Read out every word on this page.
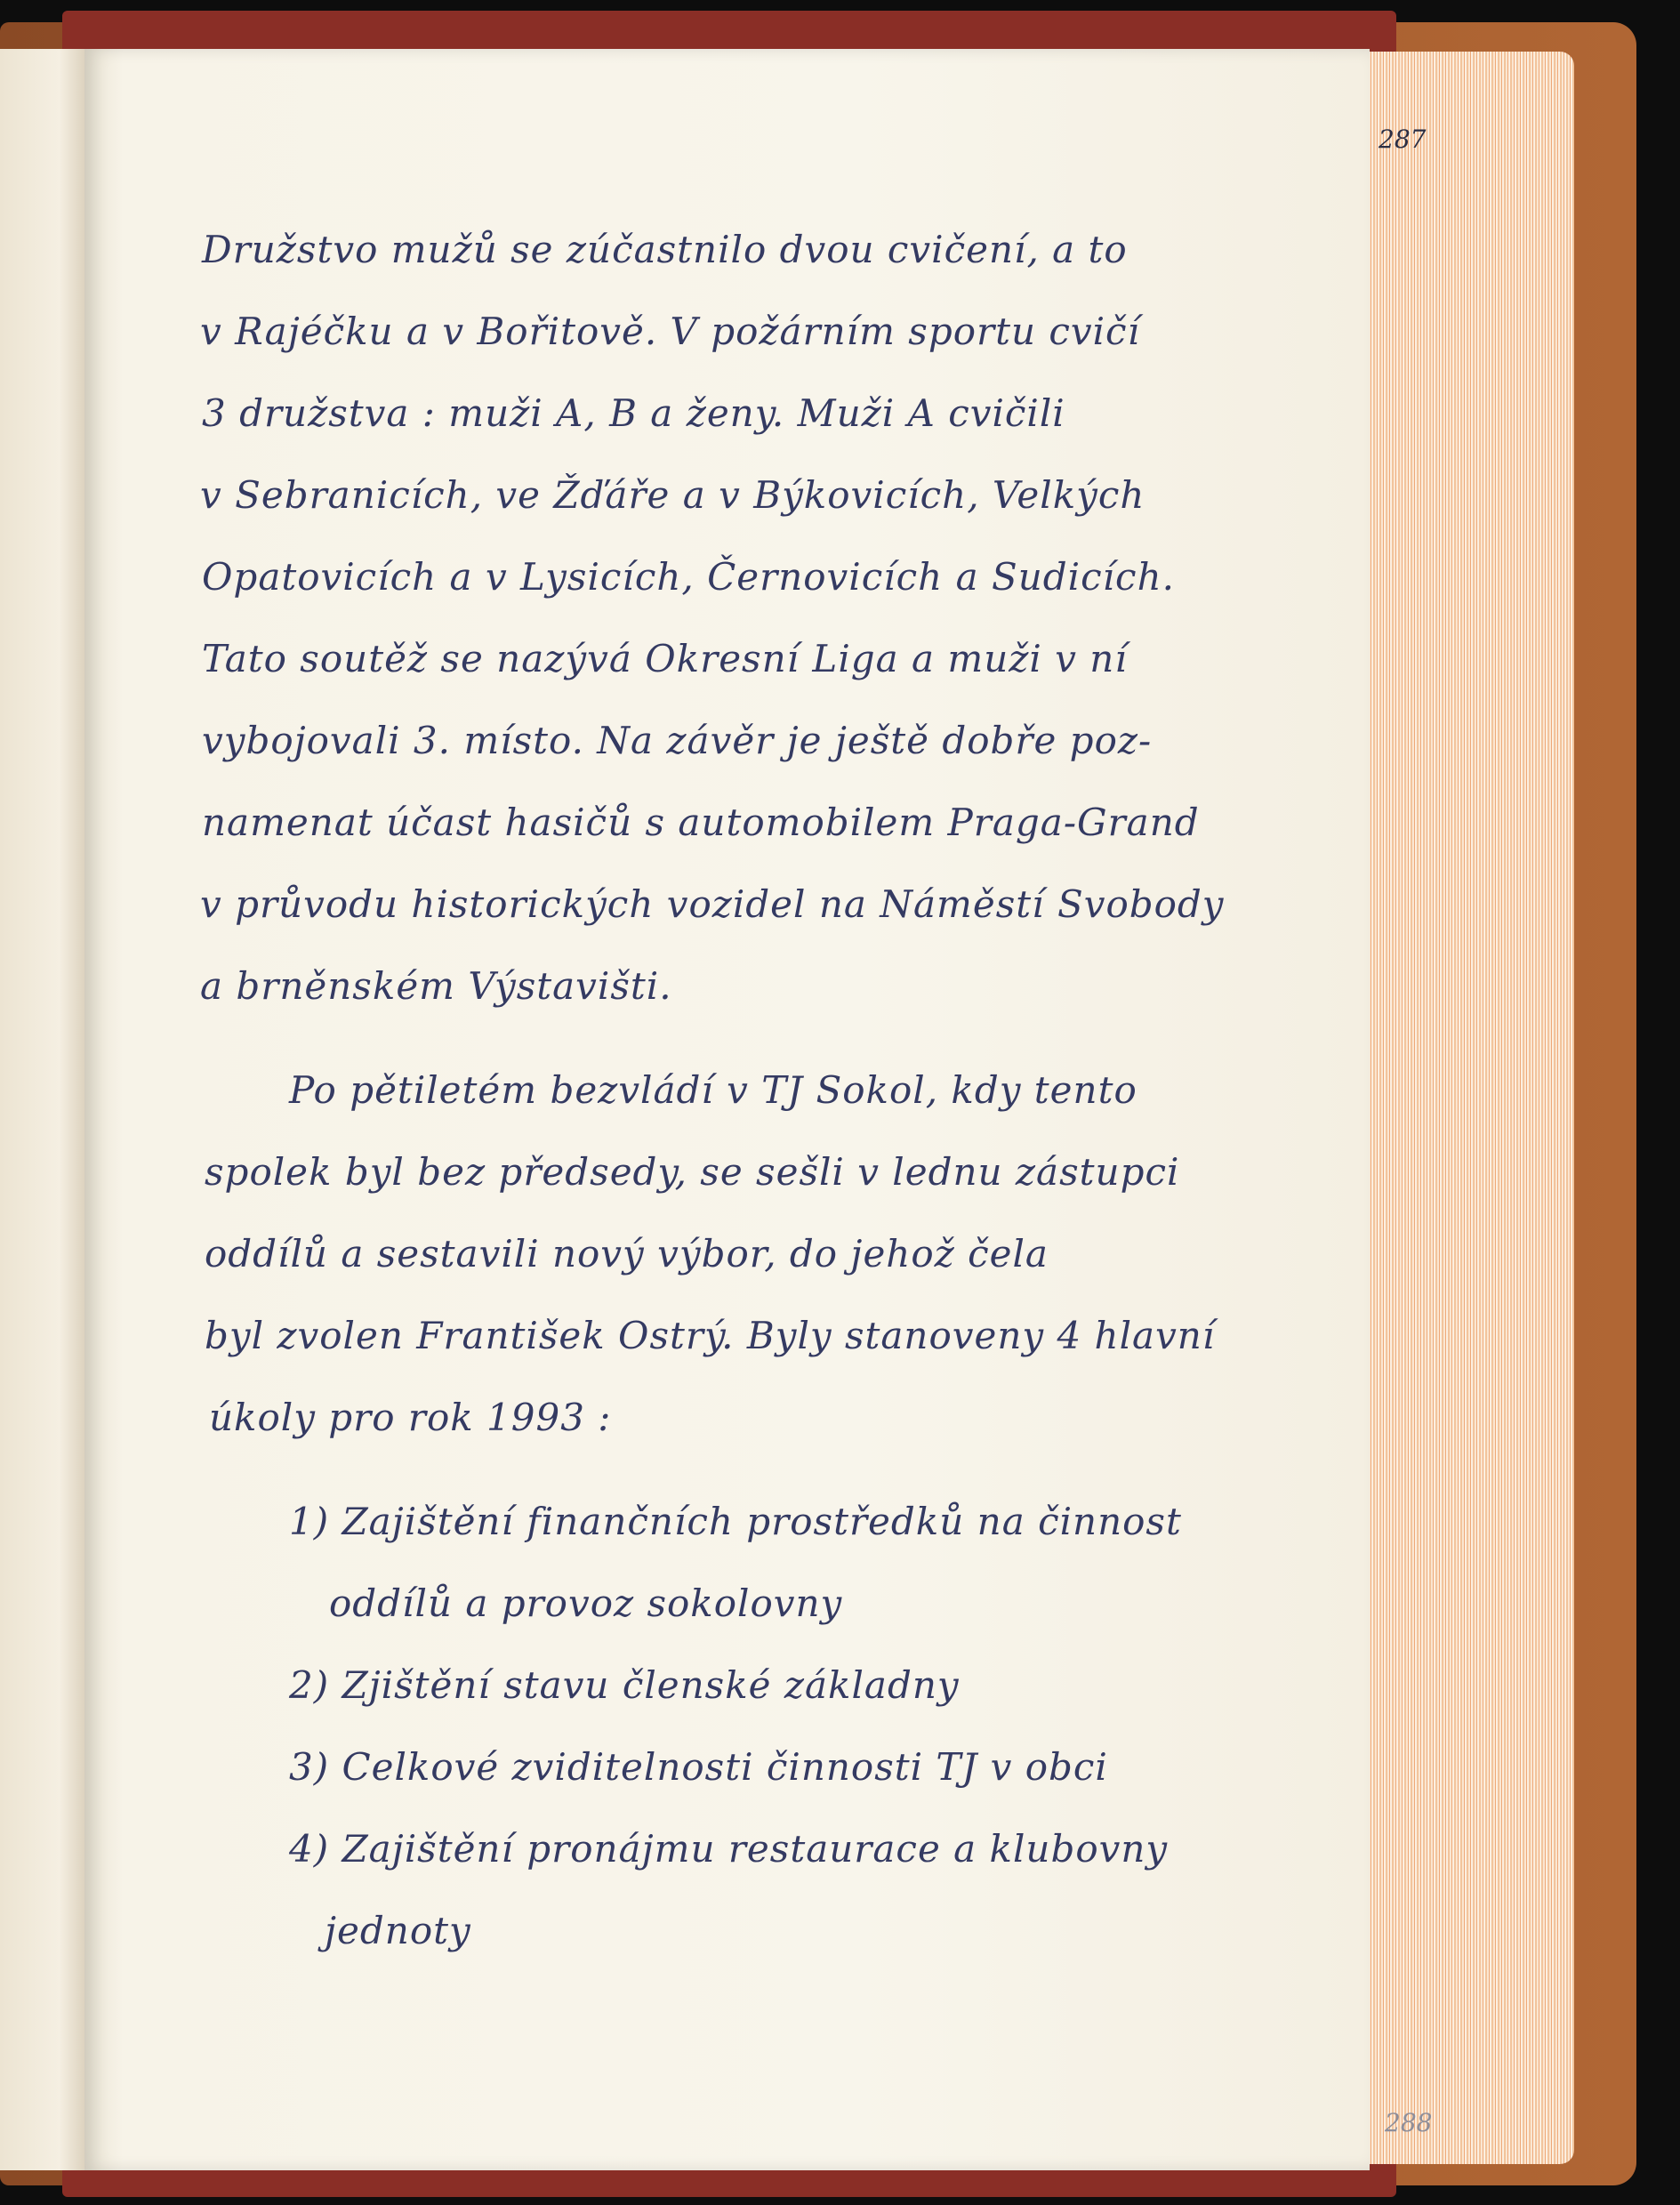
287
Družstvo mužů se zúčastnilo dvou cvičení, a to
v Rajéčku a v Bořitově. V požárním sportu cvičí
3 družstva : muži A, B a ženy. Muži A cvičili
v Sebranicích, ve Žďáře a v Býkovicích, Velkých
Opatovicích a v Lysicích, Černovicích a Sudicích.
Tato soutěž se nazývá Okresní Liga a muži v ní
vybojovali 3. místo. Na závěr je ještě dobře poz-
namenat účast hasičů s automobilem Praga-Grand
v průvodu historických vozidel na Náměstí Svobody
a brněnském Výstavišti.
Po pětiletém bezvládí v TJ Sokol, kdy tento
spolek byl bez předsedy, se sešli v lednu zástupci
oddílů a sestavili nový výbor, do jehož čela
byl zvolen František Ostrý. Byly stanoveny 4 hlavní
úkoly pro rok 1993 :
1) Zajištění finančních prostředků na činnost
oddílů a provoz sokolovny
2) Zjištění stavu členské základny
3) Celkové zviditelnosti činnosti TJ v obci
4) Zajištění pronájmu restaurace a klubovny
jednoty
288
